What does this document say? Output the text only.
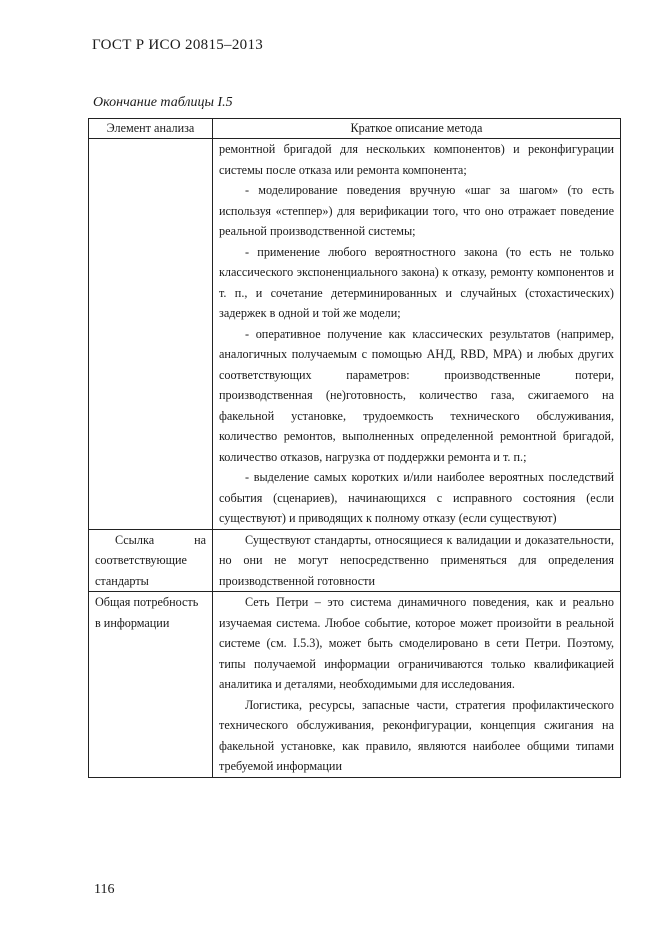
ГОСТ Р ИСО 20815–2013
Окончание таблицы I.5
Элемент анализа	Краткое описание метода

	ремонтной бригадой для нескольких компонентов) и реконфигурации системы после отказа или ремонта компонента;

- моделирование поведения вручную «шаг за шагом» (то есть используя «степпер») для верификации того, что оно отражает поведение реальной производственной системы;

- применение любого вероятностного закона (то есть не только классического экспоненциального закона) к отказу, ремонту компонентов и т. п., и сочетание детерминированных и случайных (стохастических) задержек в одной и той же модели;

- оперативное получение как классических результатов (например, аналогичных получаемым с помощью АНД, RBD, МРА) и любых других соответствующих параметров: производственные потери, производственная (не)готовность, количество газа, сжигаемого на факельной установке, трудоемкость технического обслуживания, количество ремонтов, выполненных определенной ремонтной бригадой, количество отказов, нагрузка от поддержки ремонта и т. п.;

- выделение самых коротких и/или наиболее вероятных последствий события (сценариев), начинающихся с исправного состояния (если существуют) и приводящих к полному отказу (если существуют)

Ссылка на
соответствующие стандарты	Существуют стандарты, относящиеся к валидации и доказательности, но они не могут непосредственно применяться для определения производственной готовности

Общая потребность в информации	Сеть Петри – это система динамичного поведения, как и реально изучаемая система. Любое событие, которое может произойти в реальной системе (см. I.5.3), может быть смоделировано в сети Петри. Поэтому, типы получаемой информации ограничиваются только квалификацией аналитика и деталями, необходимыми для исследования.

Логистика, ресурсы, запасные части, стратегия профилактического технического обслуживания, реконфигурации, концепция сжигания на факельной установке, как правило, являются наиболее общими типами требуемой информации

116
